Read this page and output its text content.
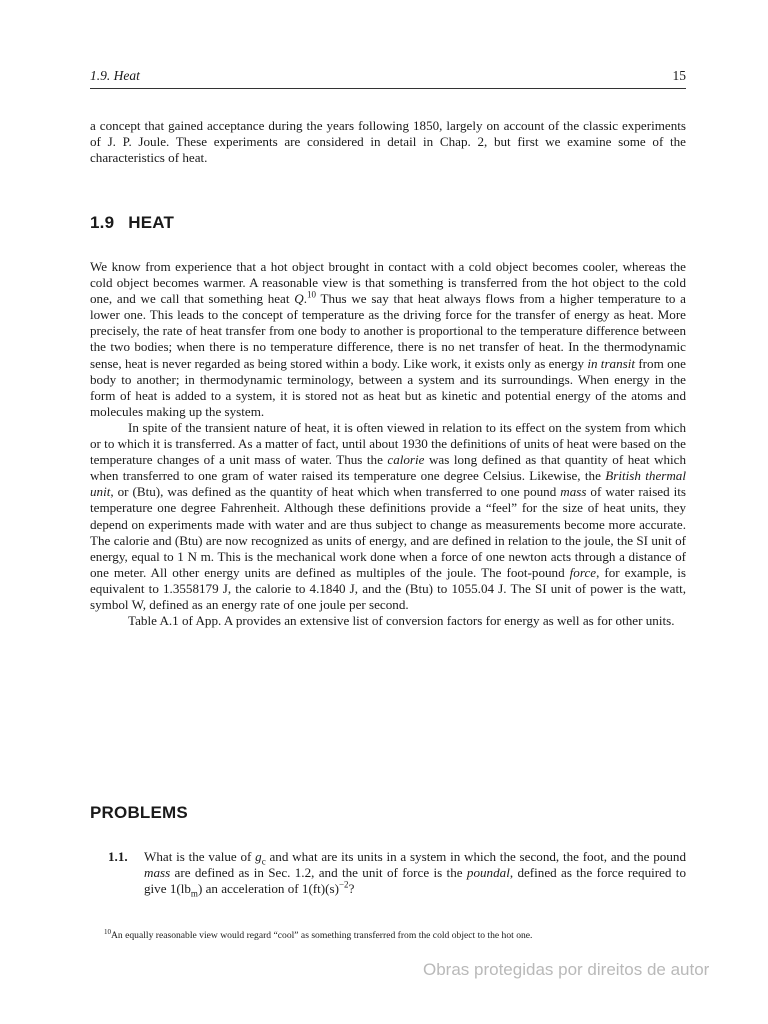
1.9. Heat	15

a concept that gained acceptance during the years following 1850, largely on account of the classic experiments of J. P. Joule. These experiments are considered in detail in Chap. 2, but first we examine some of the characteristics of heat.

1.9 HEAT

We know from experience that a hot object brought in contact with a cold object becomes cooler, whereas the cold object becomes warmer. A reasonable view is that something is transferred from the hot object to the cold one, and we call that something heat Q.$^{10}$ Thus we say that heat always flows from a higher temperature to a lower one. This leads to the concept of temperature as the driving force for the transfer of energy as heat. More precisely, the rate of heat transfer from one body to another is proportional to the temperature difference between the two bodies; when there is no temperature difference, there is no net transfer of heat. In the thermodynamic sense, heat is never regarded as being stored within a body. Like work, it exists only as energy in transit from one body to another; in thermodynamic terminology, between a system and its surroundings. When energy in the form of heat is added to a system, it is stored not as heat but as kinetic and potential energy of the atoms and molecules making up the system.

In spite of the transient nature of heat, it is often viewed in relation to its effect on the system from which or to which it is transferred. As a matter of fact, until about 1930 the definitions of units of heat were based on the temperature changes of a unit mass of water. Thus the calorie was long defined as that quantity of heat which when transferred to one gram of water raised its temperature one degree Celsius. Likewise, the British thermal unit, or (Btu), was defined as the quantity of heat which when transferred to one pound mass of water raised its temperature one degree Fahrenheit. Although these definitions provide a “feel” for the size of heat units, they depend on experiments made with water and are thus subject to change as measurements become more accurate. The calorie and (Btu) are now recognized as units of energy, and are defined in relation to the joule, the SI unit of energy, equal to 1 N m. This is the mechanical work done when a force of one newton acts through a distance of one meter. All other energy units are defined as multiples of the joule. The foot-pound force, for example, is equivalent to 1.3558179 J, the calorie to 4.1840 J, and the (Btu) to 1055.04 J. The SI unit of power is the watt, symbol W, defined as an energy rate of one joule per second.

Table A.1 of App. A provides an extensive list of conversion factors for energy as well as for other units.

PROBLEMS
1.1. What is the value of $g_c$ and what are its units in a system in which the second, the foot, and the pound mass are defined as in Sec. 1.2, and the unit of force is the poundal, defined as the force required to give $1(lb_m)$ an acceleration of $1(ft)(s)^{-2}$?
$^{10}$An equally reasonable view would regard “cool” as something transferred from the cold object to the hot one.
Obras protegidas por direitos de autor
